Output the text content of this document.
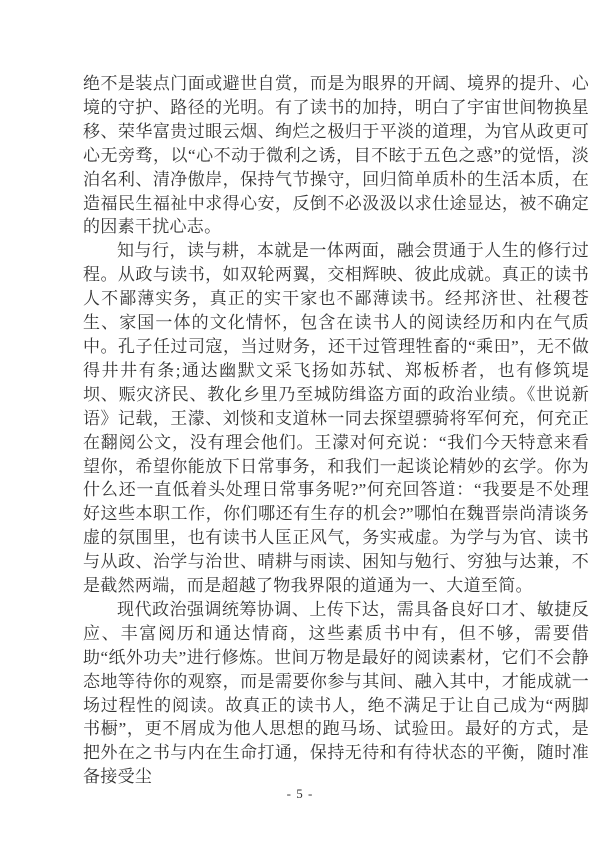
绝不是装点门面或避世自赏，而是为眼界的开阔、境界的提升、心境的守护、路径的光明。有了读书的加持，明白了宇宙世间物换星移、荣华富贵过眼云烟、绚烂之极归于平淡的道理，为官从政更可心无旁骛，以“心不动于微利之诱，目不眩于五色之惑”的觉悟，淡泊名利、清净傲岸，保持气节操守，回归简单质朴的生活本质，在造福民生福祉中求得心安，反倒不必汲汲以求仕途显达，被不确定的因素干扰心志。

知与行，读与耕，本就是一体两面，融会贯通于人生的修行过程。从政与读书，如双轮两翼，交相辉映、彼此成就。真正的读书人不鄙薄实务，真正的实干家也不鄙薄读书。经邦济世、社稷苍生、家国一体的文化情怀，包含在读书人的阅读经历和内在气质中。孔子任过司寇，当过财务，还干过管理牲畜的“乘田”，无不做得井井有条;通达幽默文采飞扬如苏轼、郑板桥者，也有修筑堤坝、赈灾济民、教化乡里乃至城防缉盗方面的政治业绩。《世说新语》记载，王濛、刘惔和支道林一同去探望骠骑将军何充，何充正在翻阅公文，没有理会他们。王濛对何充说：“我们今天特意来看望你，希望你能放下日常事务，和我们一起谈论精妙的玄学。你为什么还一直低着头处理日常事务呢?”何充回答道：“我要是不处理好这些本职工作，你们哪还有生存的机会?”哪怕在魏晋崇尚清谈务虚的氛围里，也有读书人匡正风气，务实戒虚。为学与为官、读书与从政、治学与治世、晴耕与雨读、困知与勉行、穷独与达兼，不是截然两端，而是超越了物我界限的道通为一、大道至简。

现代政治强调统筹协调、上传下达，需具备良好口才、敏捷反应、丰富阅历和通达情商，这些素质书中有，但不够，需要借助“纸外功夫”进行修炼。世间万物是最好的阅读素材，它们不会静态地等待你的观察，而是需要你参与其间、融入其中，才能成就一场过程性的阅读。故真正的读书人，绝不满足于让自己成为“两脚书橱”，更不屑成为他人思想的跑马场、试验田。最好的方式，是把外在之书与内在生命打通，保持无待和有待状态的平衡，随时准备接受尘

- 5 -
